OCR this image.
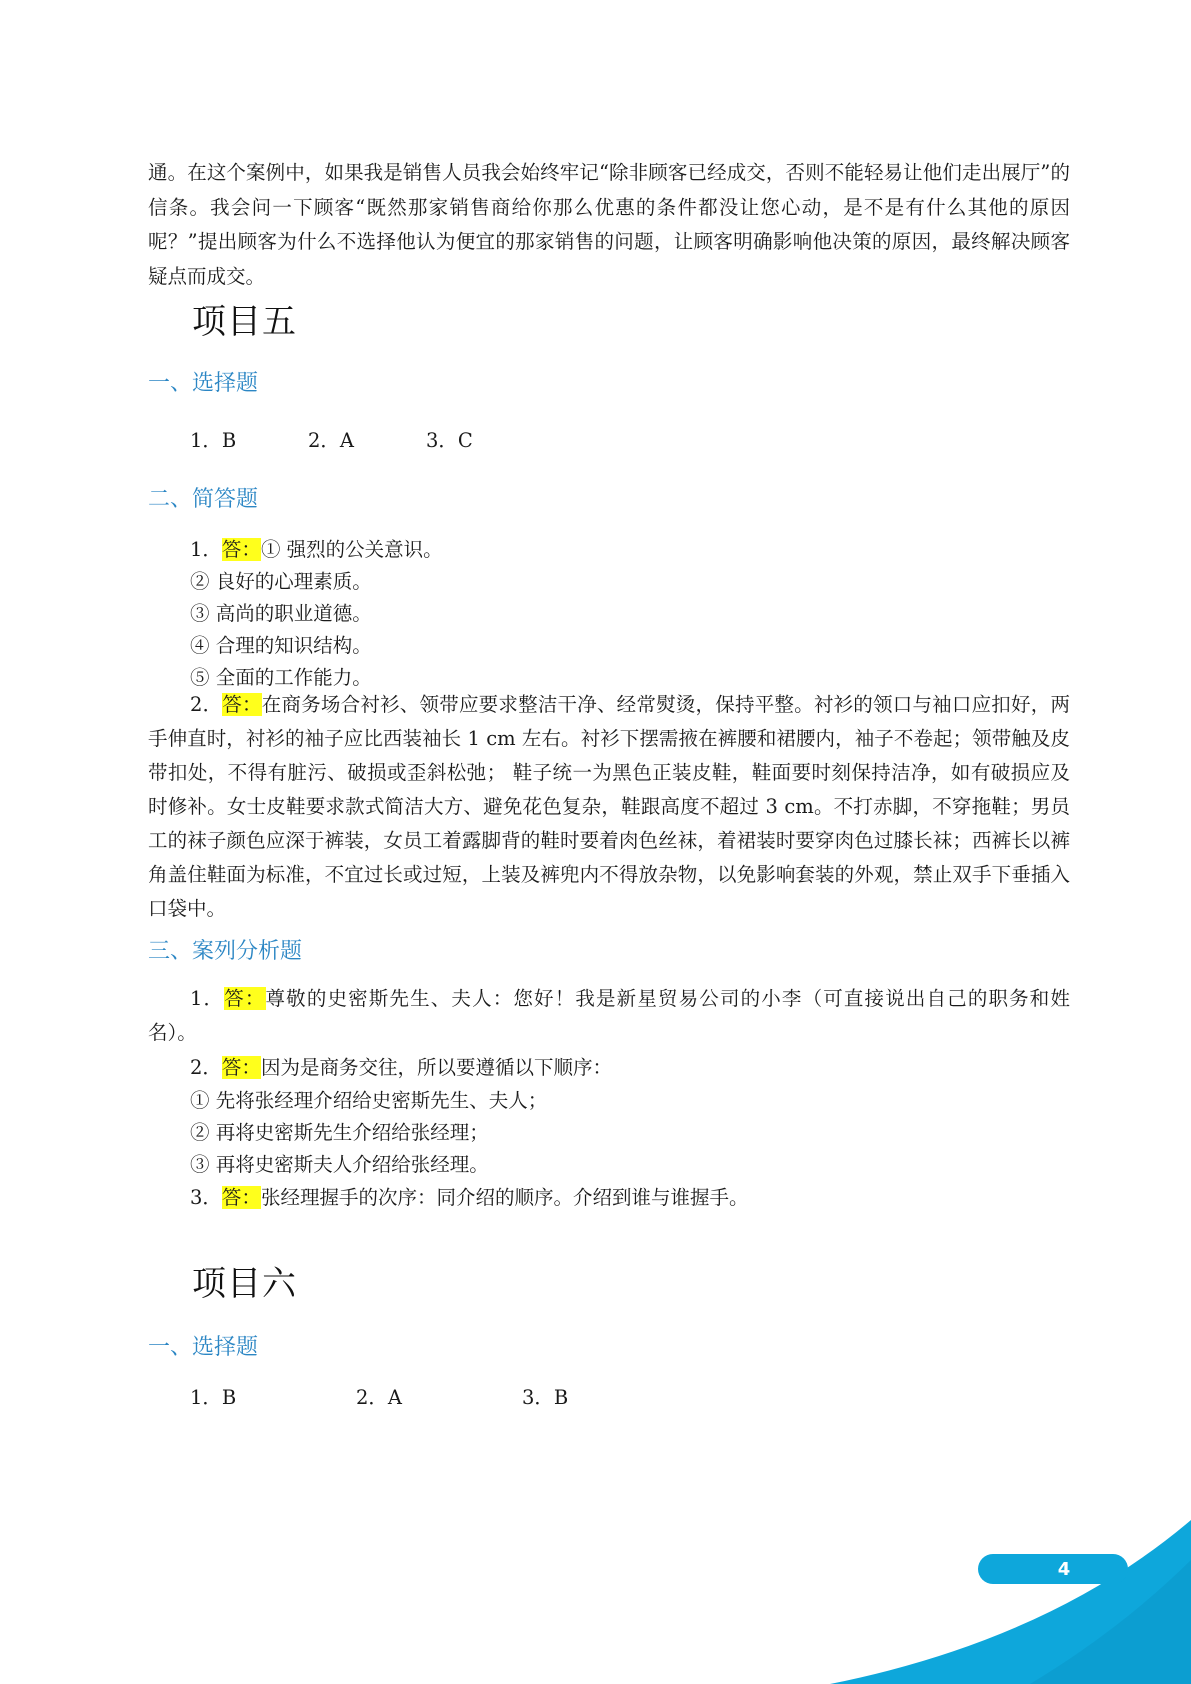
通。在这个案例中，如果我是销售人员我会始终牢记“除非顾客已经成交，否则不能轻易让他们走出展厅”的信条。我会问一下顾客“既然那家销售商给你那么优惠的条件都没让您心动，是不是有什么其他的原因呢？”提出顾客为什么不选择他认为便宜的那家销售的问题，让顾客明确影响他决策的原因，最终解决顾客疑点而成交。

项目五
一、选择题
1．B	2．A	3．C
二、简答题
1．答：① 强烈的公关意识。
② 良好的心理素质。
③ 高尚的职业道德。
④ 合理的知识结构。
⑤ 全面的工作能力。

2．答：在商务场合衬衫、领带应要求整洁干净、经常熨烫，保持平整。衬衫的领口与袖口应扣好，两手伸直时，衬衫的袖子应比西装袖长 1 cm 左右。衬衫下摆需掖在裤腰和裙腰内，袖子不卷起；领带触及皮带扣处，不得有脏污、破损或歪斜松弛； 鞋子统一为黑色正装皮鞋，鞋面要时刻保持洁净，如有破损应及时修补。女士皮鞋要求款式简洁大方、避免花色复杂，鞋跟高度不超过 3 cm。不打赤脚，不穿拖鞋；男员工的袜子颜色应深于裤装，女员工着露脚背的鞋时要着肉色丝袜，着裙装时要穿肉色过膝长袜；西裤长以裤角盖住鞋面为标准，不宜过长或过短，上装及裤兜内不得放杂物，以免影响套装的外观，禁止双手下垂插入口袋中。

三、案列分析题

1．答：尊敬的史密斯先生、夫人：您好！我是新星贸易公司的小李（可直接说出自己的职务和姓名）。

2．答：因为是商务交往，所以要遵循以下顺序：
① 先将张经理介绍给史密斯先生、夫人；
② 再将史密斯先生介绍给张经理；
③ 再将史密斯夫人介绍给张经理。
3．答：张经理握手的次序：同介绍的顺序。介绍到谁与谁握手。
项目六
一、选择题
1．B	2．A	3．B
4
